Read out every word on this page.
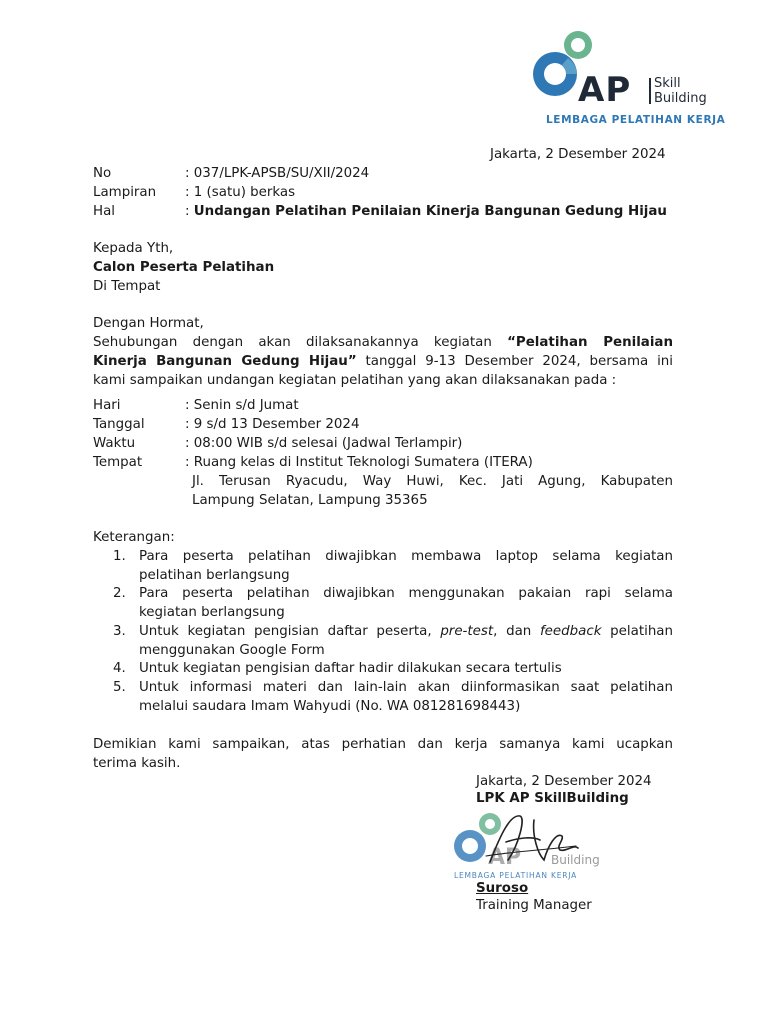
AP Skill
Building
LEMBAGA PELATIHAN KERJA
Jakarta, 2 Desember 2024
No	: 037/LPK-APSB/SU/XII/2024
Lampiran : 1 (satu) berkas
Hal	: Undangan Pelatihan Penilaian Kinerja Bangunan Gedung Hijau
Kepada Yth,
Calon Peserta Pelatihan
Di Tempat
Dengan Hormat,
Sehubungan dengan akan dilaksanakannya kegiatan “Pelatihan Penilaian
Kinerja Bangunan Gedung Hijau” tanggal 9-13 Desember 2024, bersama ini
kami sampaikan undangan kegiatan pelatihan yang akan dilaksanakan pada :
Hari	: Senin s/d Jumat
Tanggal	: 9 s/d 13 Desember 2024
Waktu	: 08:00 WIB s/d selesai (Jadwal Terlampir)
Tempat	: Ruang kelas di Institut Teknologi Sumatera (ITERA)
Jl. Terusan Ryacudu, Way Huwi, Kec. Jati Agung, Kabupaten
Lampung Selatan, Lampung 35365
Keterangan:
1. Para peserta pelatihan diwajibkan membawa laptop selama kegiatan
pelatihan berlangsung
2. Para peserta pelatihan diwajibkan menggunakan pakaian rapi selama
kegiatan berlangsung
3. Untuk kegiatan pengisian daftar peserta, pre-test, dan feedback pelatihan
menggunakan Google Form
4. Untuk kegiatan pengisian daftar hadir dilakukan secara tertulis
5. Untuk informasi materi dan lain-lain akan diinformasikan saat pelatihan
melalui saudara Imam Wahyudi (No. WA 081281698443)
Demikian kami sampaikan, atas perhatian dan kerja samanya kami ucapkan
terima kasih.
Jakarta, 2 Desember 2024
LPK AP SkillBuilding
AP Building
LEMBAGA PELATIHAN KERJA
Suroso
Training Manager
